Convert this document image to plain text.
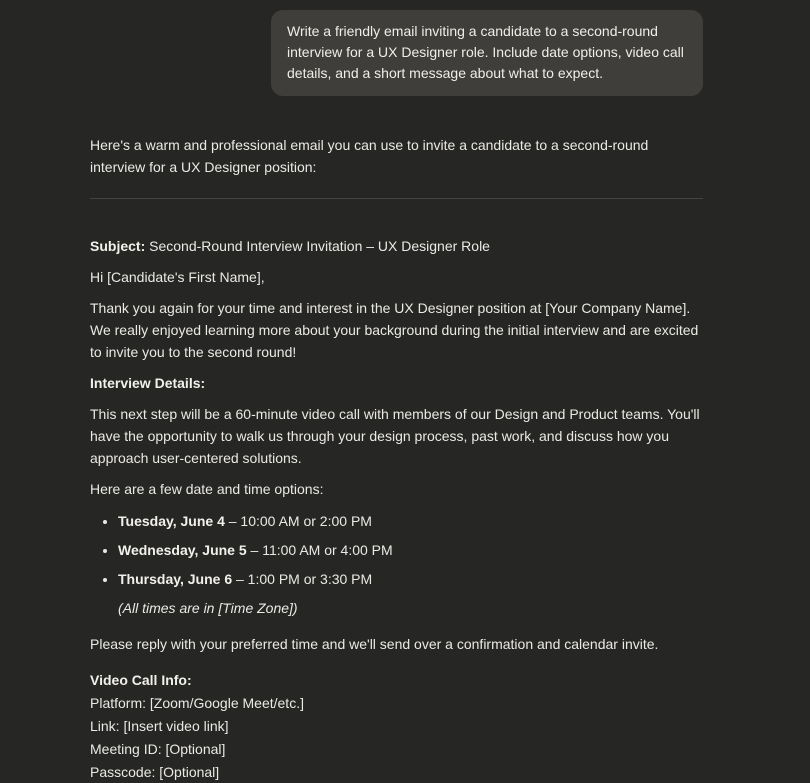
Write a friendly email inviting a candidate to a second-round interview for a UX Designer role. Include date options, video call details, and a short message about what to expect.

Here's a warm and professional email you can use to invite a candidate to a second-round interview for a UX Designer position:

Subject: Second-Round Interview Invitation – UX Designer Role

Hi [Candidate's First Name],

Thank you again for your time and interest in the UX Designer position at [Your Company Name]. We really enjoyed learning more about your background during the initial interview and are excited to invite you to the second round!

Interview Details:

This next step will be a 60-minute video call with members of our Design and Product teams. You'll have the opportunity to walk us through your design process, past work, and discuss how you approach user-centered solutions.

Here are a few date and time options:

• Tuesday, June 4 – 10:00 AM or 2:00 PM
• Wednesday, June 5 – 11:00 AM or 4:00 PM
• Thursday, June 6 – 1:00 PM or 3:30 PM
(All times are in [Time Zone])

Please reply with your preferred time and we'll send over a confirmation and calendar invite.

Video Call Info:
Platform: [Zoom/Google Meet/etc.]
Link: [Insert video link]
Meeting ID: [Optional]
Passcode: [Optional]
